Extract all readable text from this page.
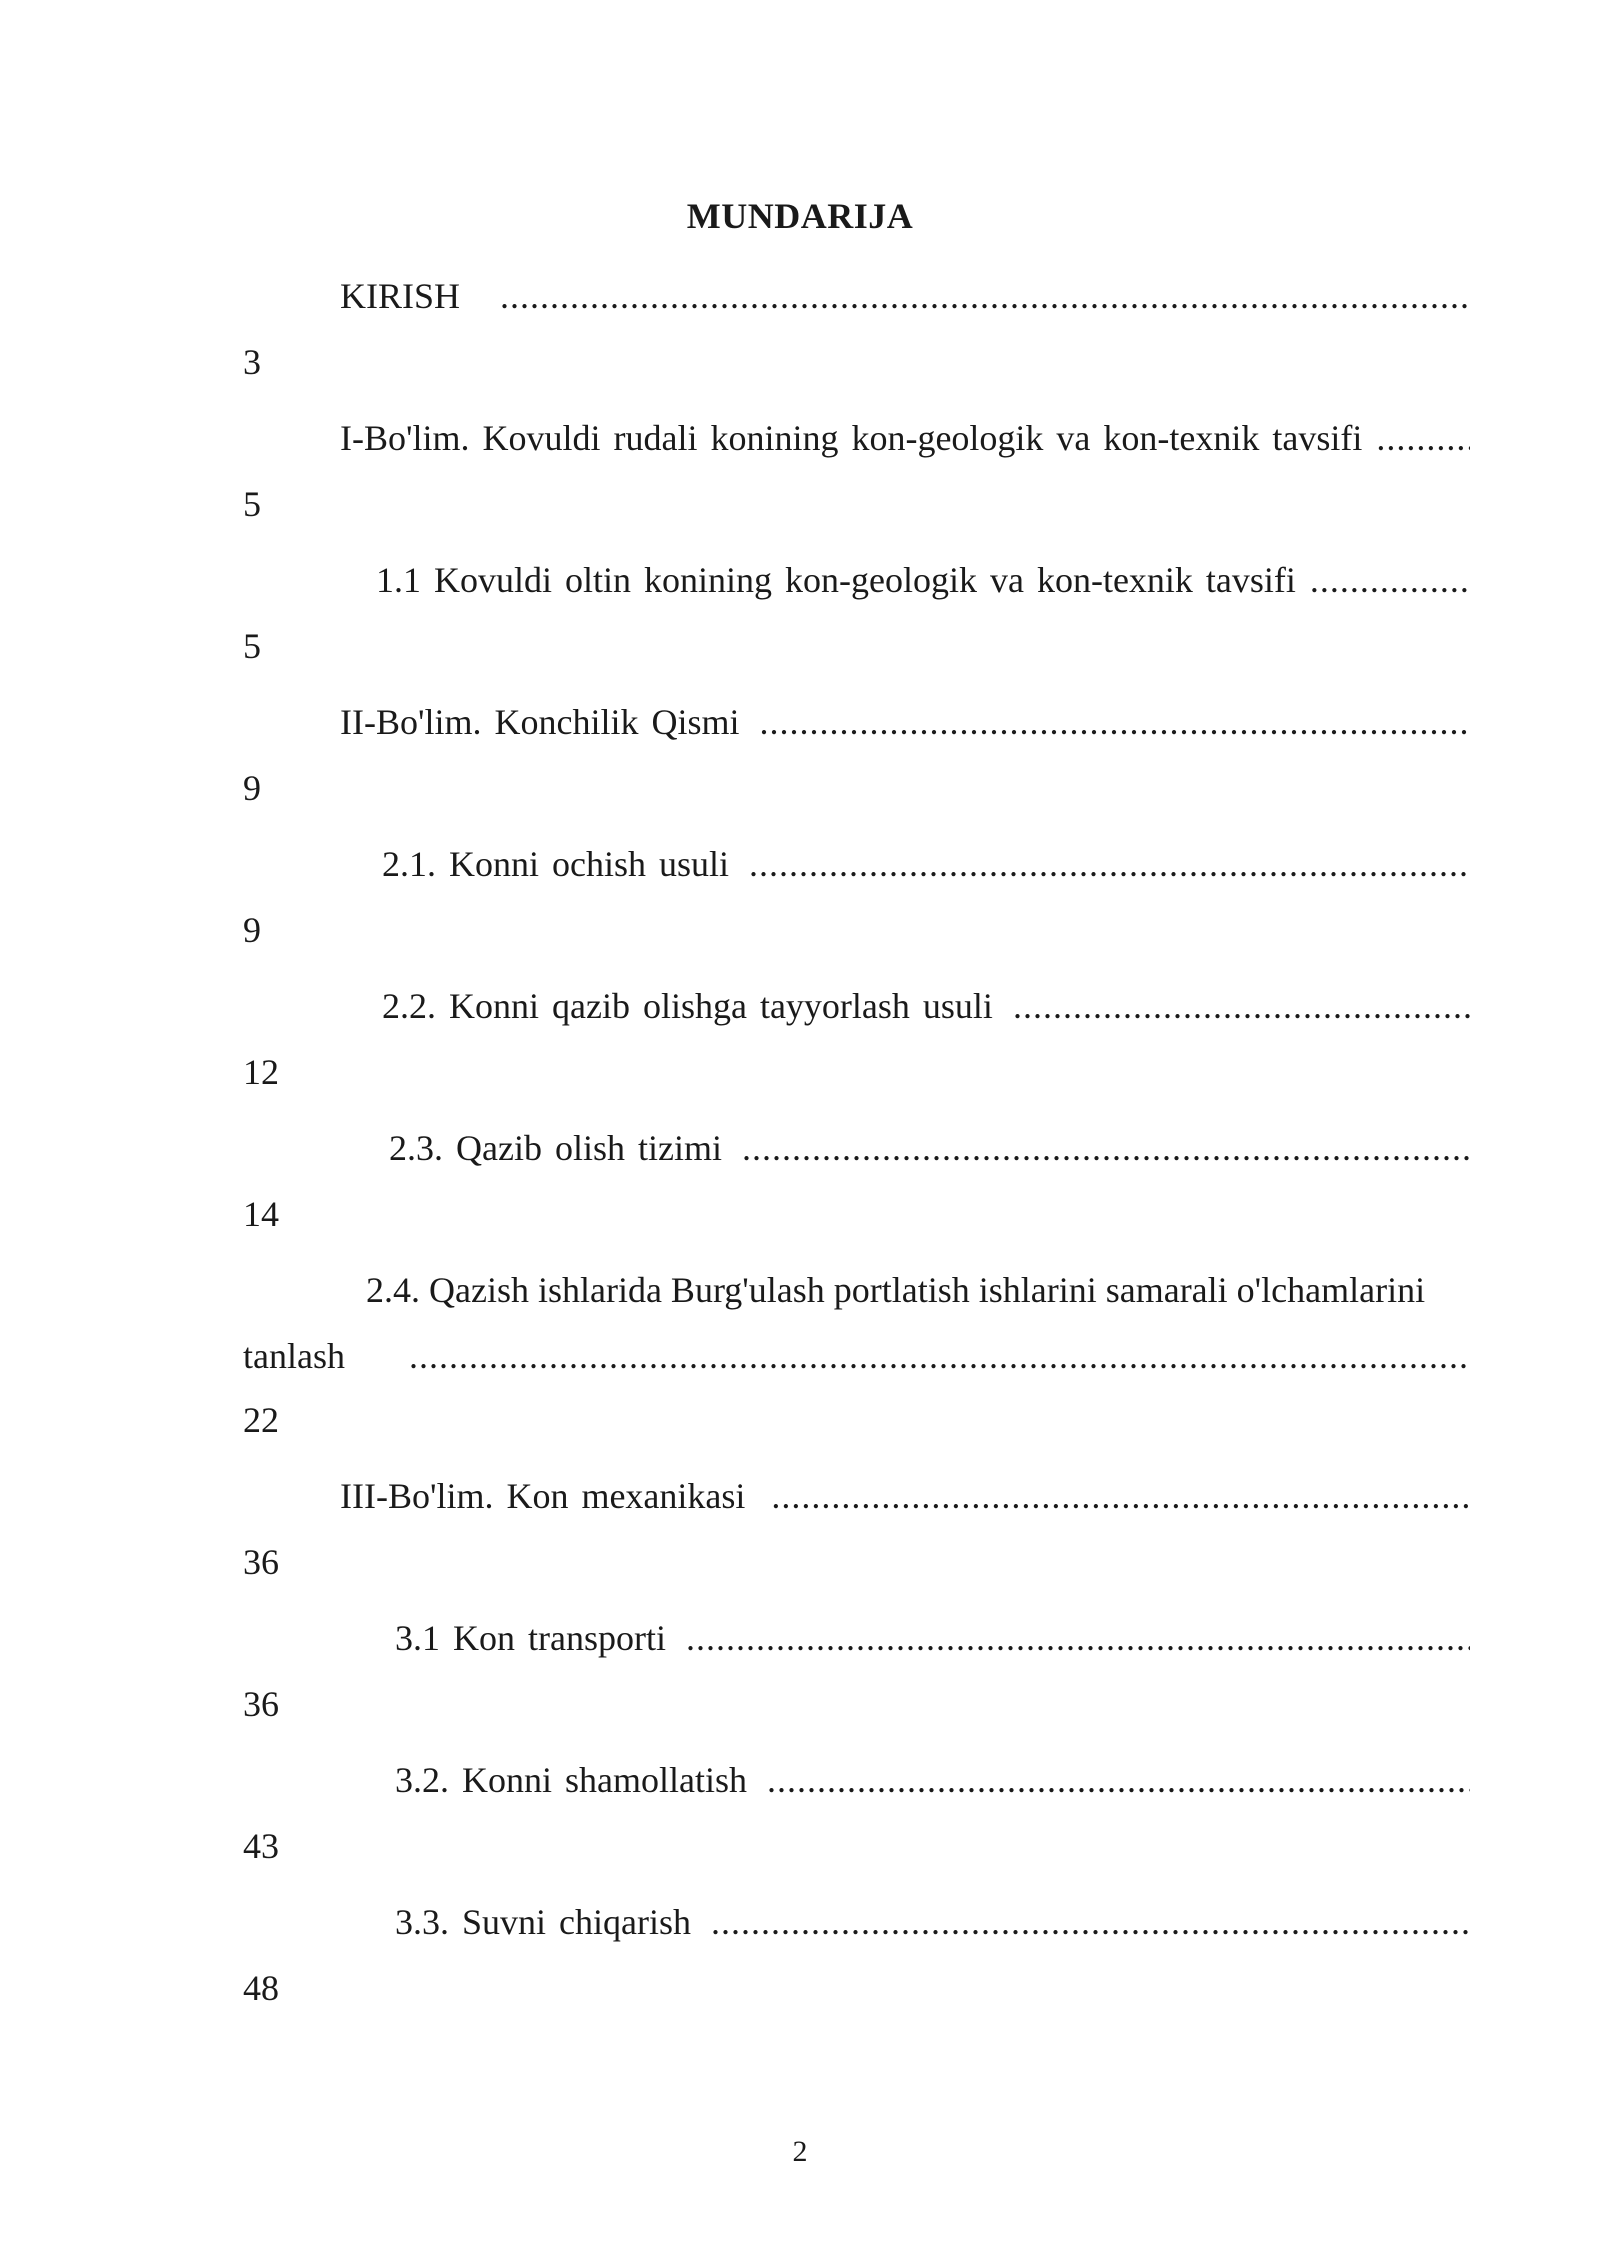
MUNDARIJA
KIRISH
.....
3
I-Bo'lim. Kovuldi rudali konining kon-geologik va kon-texnik tavsifi
.....
5
1.1 Kovuldi oltin konining kon-geologik va kon-texnik tavsifi
.....
5
II-Bo'lim. Konchilik Qismi
.....
9
2.1. Konni ochish usuli
.....
9
2.2. Konni qazib olishga tayyorlash usuli
.....
12
2.3. Qazib olish tizimi
.....
14
2.4. Qazish ishlarida Burg'ulash portlatish ishlarini samarali o'lchamlarini
tanlash
.....
22
III-Bo'lim. Kon mexanikasi
.....
36
3.1 Kon transporti
.....
36
3.2. Konni shamollatish
.....
43
3.3. Suvni chiqarish
.....
48
2
